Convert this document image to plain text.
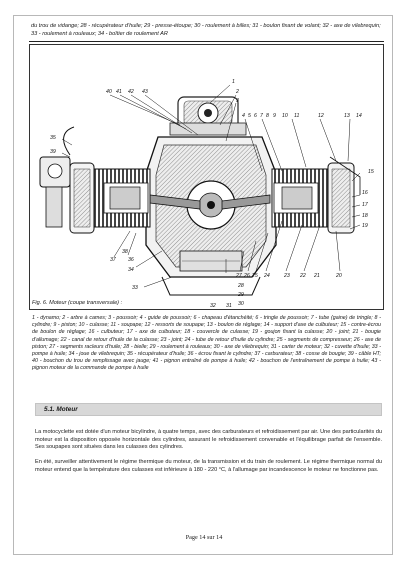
du trou de vidange; 28 - récupérateur d'huile; 29 - presse-étoupe; 30 - roulement à billes; 31 - boulon fixant de volant; 32 - axe de vilebrequin; 33 - roulement à rouleaux; 34 - boîtier de roulement AR
40 41 42 43
1
2
3
4 5 6 7 8 9 10 11	12	13 14
15
16
17
18
19
20
21
22
23
24
25
26
27
28
29
30
31
32
33
34
35
36
37
38
39
Fig. 6. Moteur (coupe transversale) :
1 - dynamo; 2 - arbre à cames; 3 - poussoir; 4 - guide de poussoir; 6 - chapeau d'étanchéité; 6 - tringle de poussoir; 7 - tube (gaine) de tringle; 8 - cylindre; 9 - piston; 10 - culasse; 11 - soupape; 12 - ressorts de soupape; 13 - boulon de réglage; 14 - support d'axe de culbuteur; 15 - contre-écrou de boulon de réglage; 16 - culbuteur; 17 - axe de culbuteur; 18 - couvercle de culasse; 19 - goujon fixant la culasse; 20 - joint; 21 - bougie d'allumage; 22 - canal de retour d'huile de la culasse; 23 - joint; 24 - tube de retour d'huile du cylindre; 25 - segments de compresseur; 26 - axe de piston; 27 - segments racleurs d'huile; 28 - bielle; 29 - roulement à rouleaux; 30 - axe de vilebrequin; 31 - carter de moteur; 32 - cuvette d'huile; 33 - pompe à huile; 34 - joue de vilebrequin; 35 - récupérateur d'huile; 36 - écrou fixant le cylindre; 37 - carburateur; 38 - cosse de bougie; 39 - câble HT; 40 - bouchon du trou de remplissage avec jauge; 41 - pignon entraîné de pompe à huile; 42 - bouchon de l'entraînement de pompe à huile; 43 - pignon moteur de la commande de pompe à huile
5.1. Moteur
La motocyclette est dotée d'un moteur bicylindre, à quatre temps, avec des carburateurs et refroidissement par air. Une des particularités du moteur est la disposition opposée horizontale des cylindres, assurant le refroidissement convenable et l'équilibrage parfait de l'ensemble. Ses soupapes sont situées dans les culasses des cylindres.
En été, surveiller attentivement le régime thermique du moteur, de la transmission et du train de roulement. Le régime thermique normal du moteur entend que la température des culasses est inférieure à 180 - 220 °C, à l'allumage par incandescence le moteur ne fonctionne pas.
Page 14 sur 14
